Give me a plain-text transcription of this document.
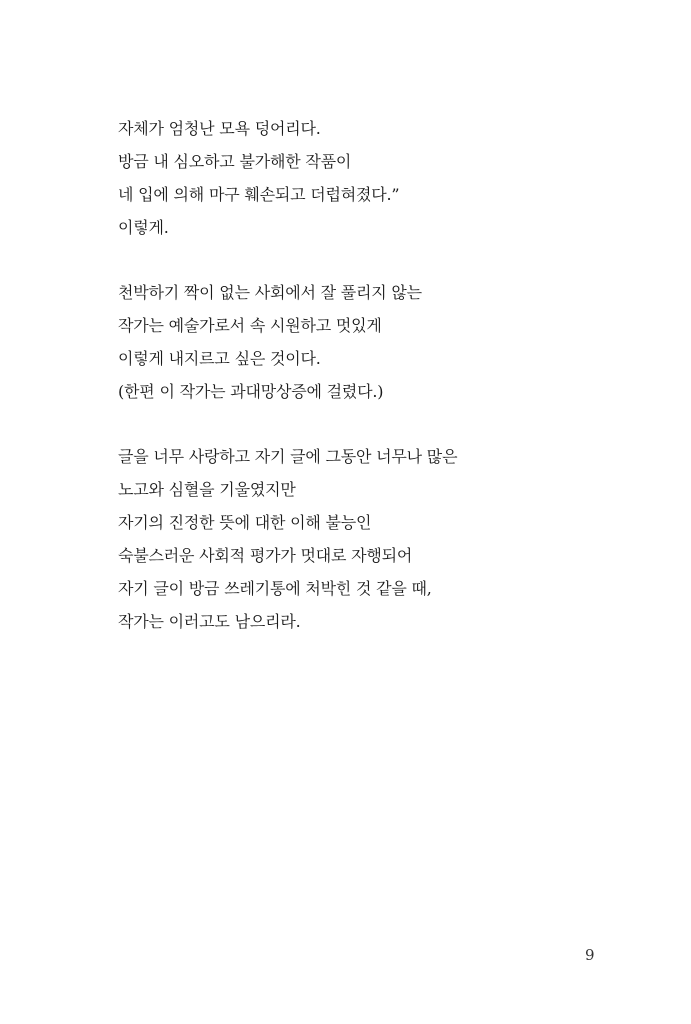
자체가 엄청난 모욕 덩어리다.
방금 내 심오하고 불가해한 작품이
네 입에 의해 마구 훼손되고 더럽혀졌다.”
이렇게.
천박하기 짝이 없는 사회에서 잘 풀리지 않는
작가는 예술가로서 속 시원하고 멋있게
이렇게 내지르고 싶은 것이다.
(한편 이 작가는 과대망상증에 걸렸다.)
글을 너무 사랑하고 자기 글에 그동안 너무나 많은
노고와 심혈을 기울였지만
자기의 진정한 뜻에 대한 이해 불능인
숙불스러운 사회적 평가가 멋대로 자행되어
자기 글이 방금 쓰레기통에 처박힌 것 같을 때,
작가는 이러고도 남으리라.
9
